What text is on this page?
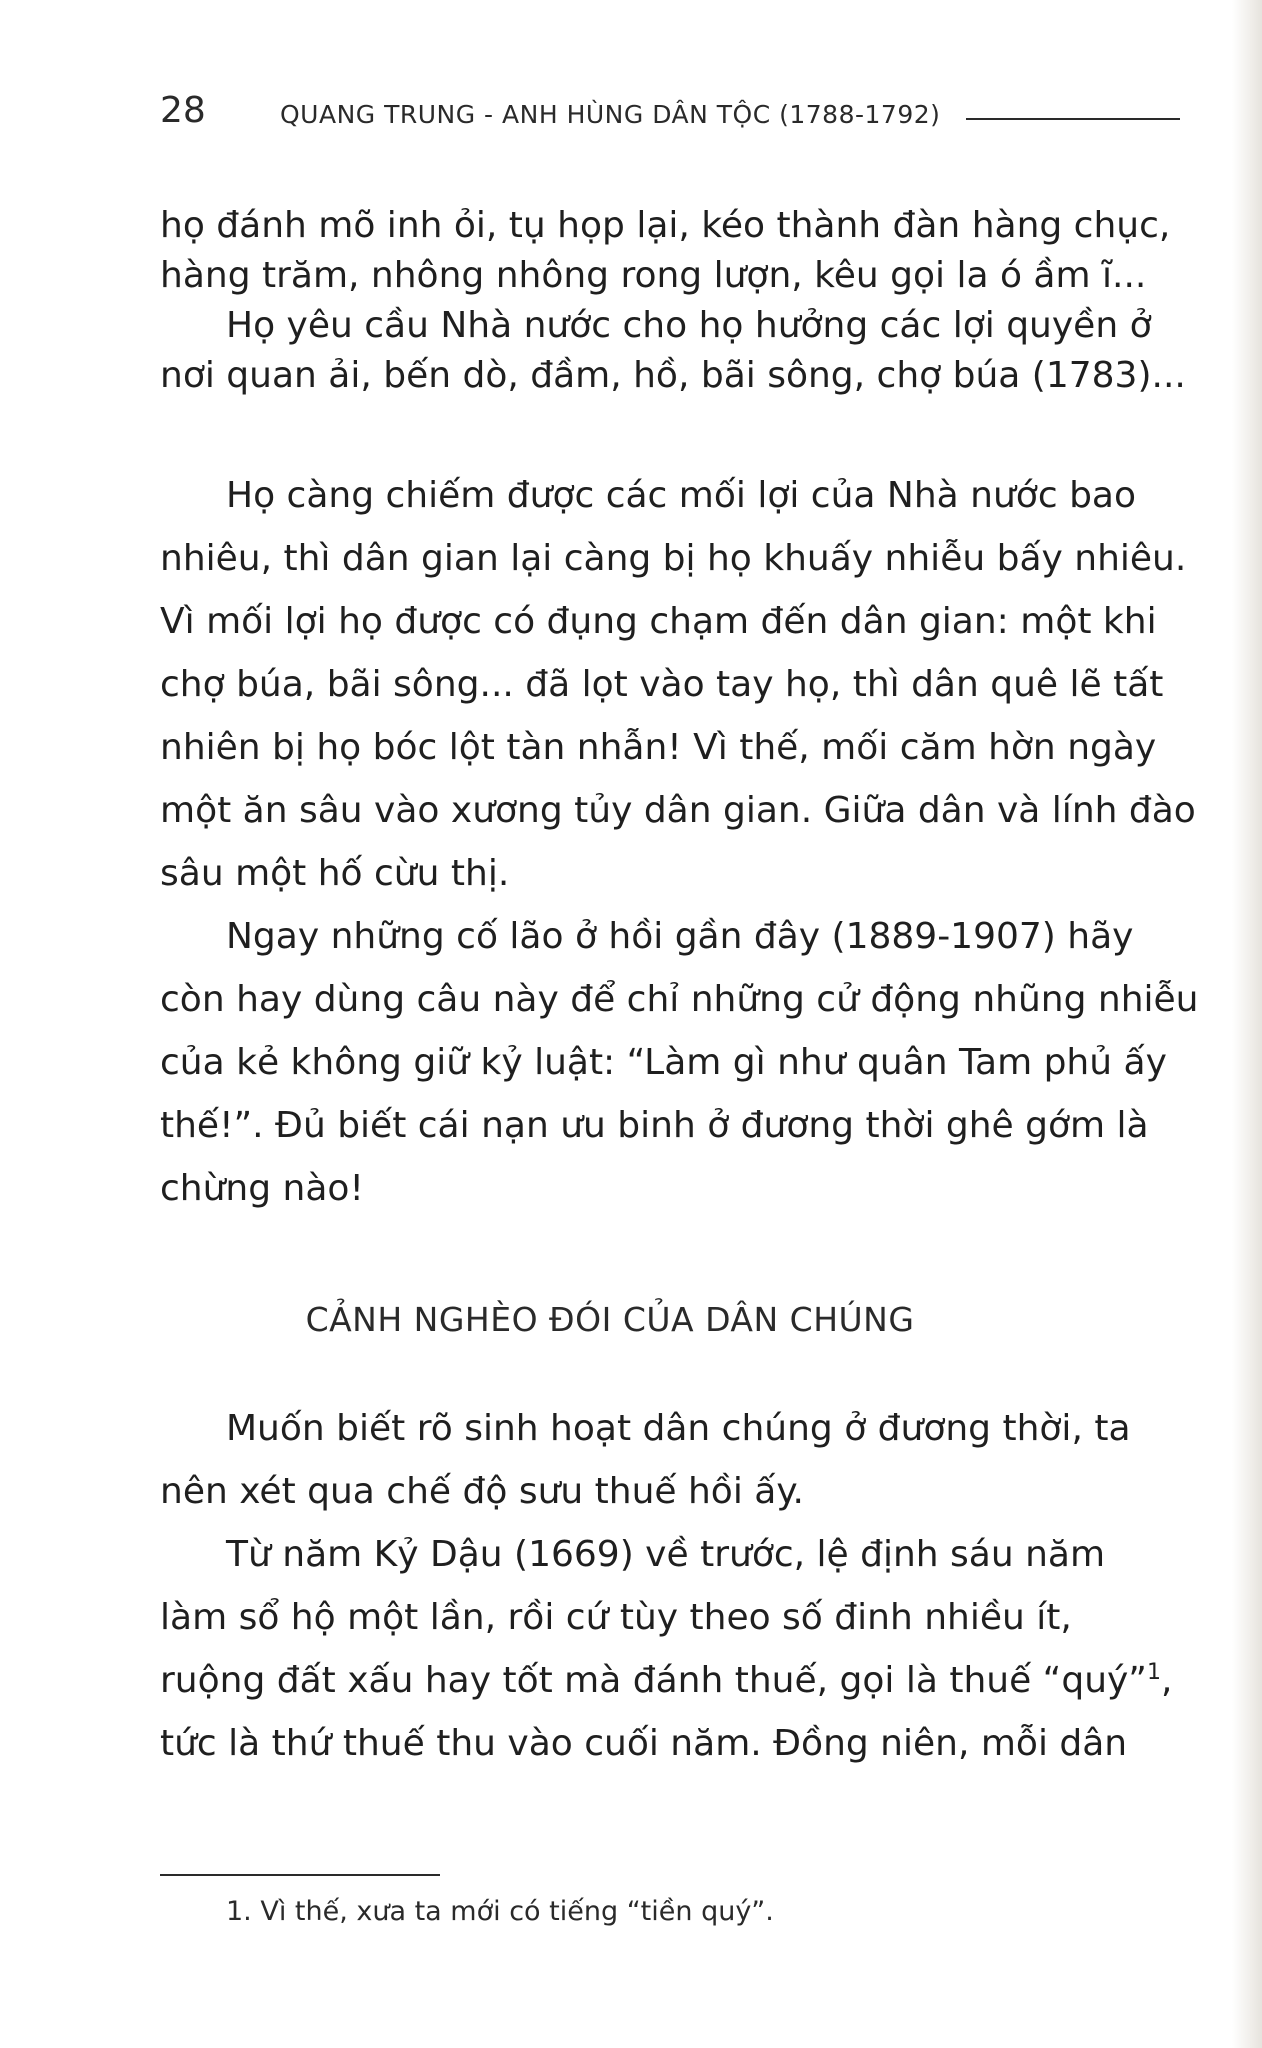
28	QUANG TRUNG - ANH HÙNG DÂN TỘC (1788-1792)
họ đánh mõ inh ỏi, tụ họp lại, kéo thành đàn hàng chục,
hàng trăm, nhông nhông rong lượn, kêu gọi la ó ầm ĩ...
Họ yêu cầu Nhà nước cho họ hưởng các lợi quyền ở
nơi quan ải, bến dò, đầm, hồ, bãi sông, chợ búa (1783)...
Họ càng chiếm được các mối lợi của Nhà nước bao
nhiêu, thì dân gian lại càng bị họ khuấy nhiễu bấy nhiêu.
Vì mối lợi họ được có đụng chạm đến dân gian: một khi
chợ búa, bãi sông... đã lọt vào tay họ, thì dân quê lẽ tất
nhiên bị họ bóc lột tàn nhẫn! Vì thế, mối căm hờn ngày
một ăn sâu vào xương tủy dân gian. Giữa dân và lính đào
sâu một hố cừu thị.
Ngay những cố lão ở hồi gần đây (1889-1907) hãy
còn hay dùng câu này để chỉ những cử động nhũng nhiễu
của kẻ không giữ kỷ luật: “Làm gì như quân Tam phủ ấy
thế!”. Đủ biết cái nạn ưu binh ở đương thời ghê gớm là
chừng nào!
CẢNH NGHÈO ĐÓI CỦA DÂN CHÚNG
Muốn biết rõ sinh hoạt dân chúng ở đương thời, ta
nên xét qua chế độ sưu thuế hồi ấy.
Từ năm Kỷ Dậu (1669) về trước, lệ định sáu năm
làm sổ hộ một lần, rồi cứ tùy theo số đinh nhiều ít,
ruộng đất xấu hay tốt mà đánh thuế, gọi là thuế “quý”$^1$,
tức là thứ thuế thu vào cuối năm. Đồng niên, mỗi dân
1. Vì thế, xưa ta mới có tiếng “tiền quý”.
